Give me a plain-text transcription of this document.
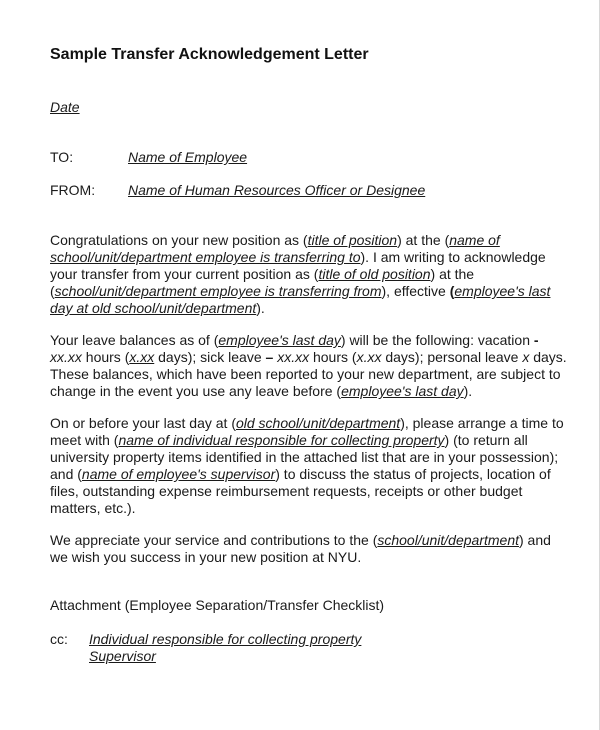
Sample Transfer Acknowledgement Letter
Date
TO:	Name of Employee
FROM: Name of Human Resources Officer or Designee

Congratulations on your new position as (title of position) at the (name of school/unit/department employee is transferring to). I am writing to acknowledge your transfer from your current position as (title of old position) at the (school/unit/department employee is transferring from), effective (employee's last day at old school/unit/department).

Your leave balances as of (employee's last day) will be the following: vacation - xx.xx hours (x.xx days); sick leave – xx.xx hours (x.xx days); personal leave x days. These balances, which have been reported to your new department, are subject to change in the event you use any leave before (employee's last day).

On or before your last day at (old school/unit/department), please arrange a time to meet with (name of individual responsible for collecting property) (to return all university property items identified in the attached list that are in your possession); and (name of employee's supervisor) to discuss the status of projects, location of files, outstanding expense reimbursement requests, receipts or other budget matters, etc.).

We appreciate your service and contributions to the (school/unit/department) and we wish you success in your new position at NYU.

Attachment (Employee Separation/Transfer Checklist)

cc: Individual responsible for collecting property
Supervisor
